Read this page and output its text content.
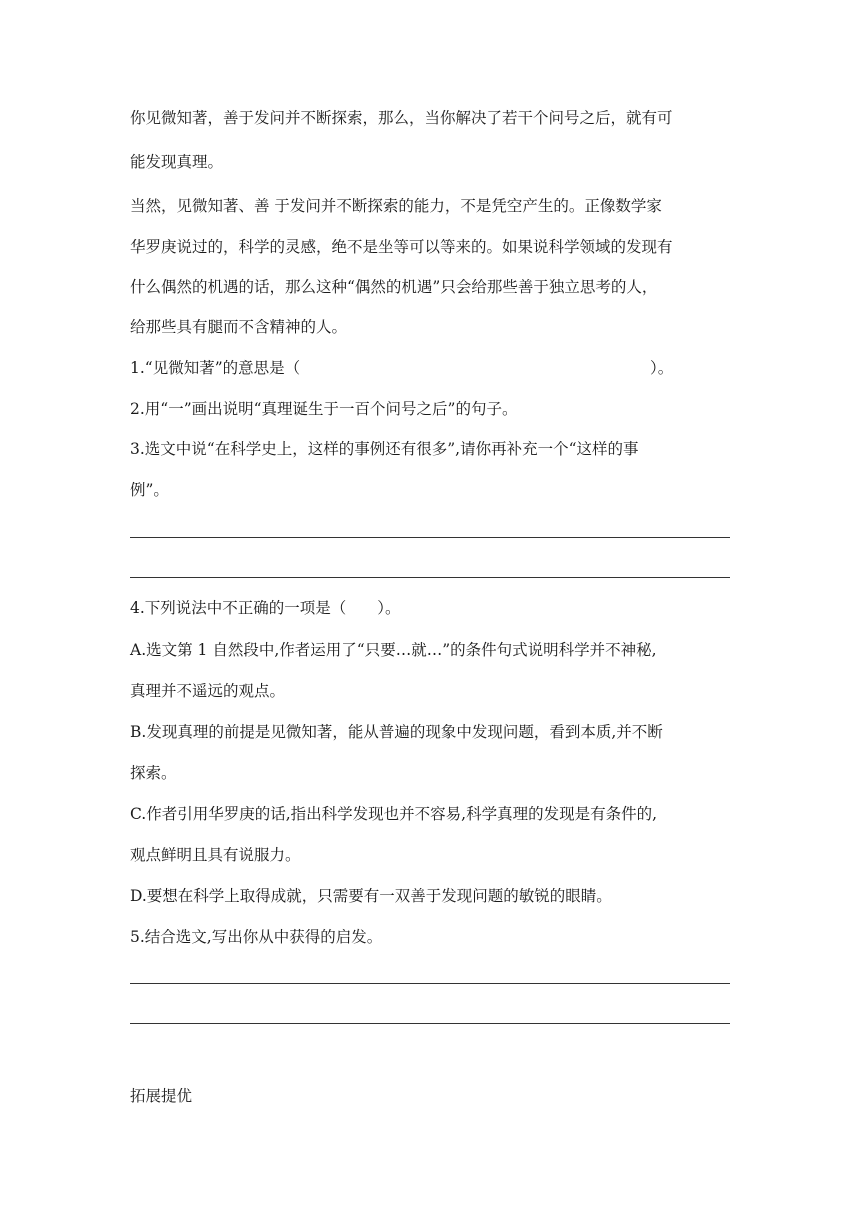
你见微知著，善于发问并不断探索，那么，当你解决了若干个问号之后，就有可
能发现真理。
当然，见微知著、善 于发问并不断探索的能力，不是凭空产生的。正像数学家
华罗庚说过的，科学的灵感，绝不是坐等可以等来的。如果说科学领域的发现有
什么偶然的机遇的话，那么这种“偶然的机遇”只会给那些善于独立思考的人，
给那些具有腿而不含精神的人。
1.“见微知著”的意思是（	）。
2.用“一”画出说明“真理诞生于一百个问号之后”的句子。
3.选文中说“在科学史上，这样的事例还有很多”,请你再补充一个“这样的事
例”。
4.下列说法中不正确的一项是（　　）。
A.选文第 1 自然段中,作者运用了“只要…就…”的条件句式说明科学并不神秘,
真理并不遥远的观点。
B.发现真理的前提是见微知著，能从普遍的现象中发现问题，看到本质,并不断
探索。
C.作者引用华罗庚的话,指出科学发现也并不容易,科学真理的发现是有条件的,
观点鲜明且具有说服力。
D.要想在科学上取得成就，只需要有一双善于发现问题的敏锐的眼睛。
5.结合选文,写出你从中获得的启发。
拓展提优
